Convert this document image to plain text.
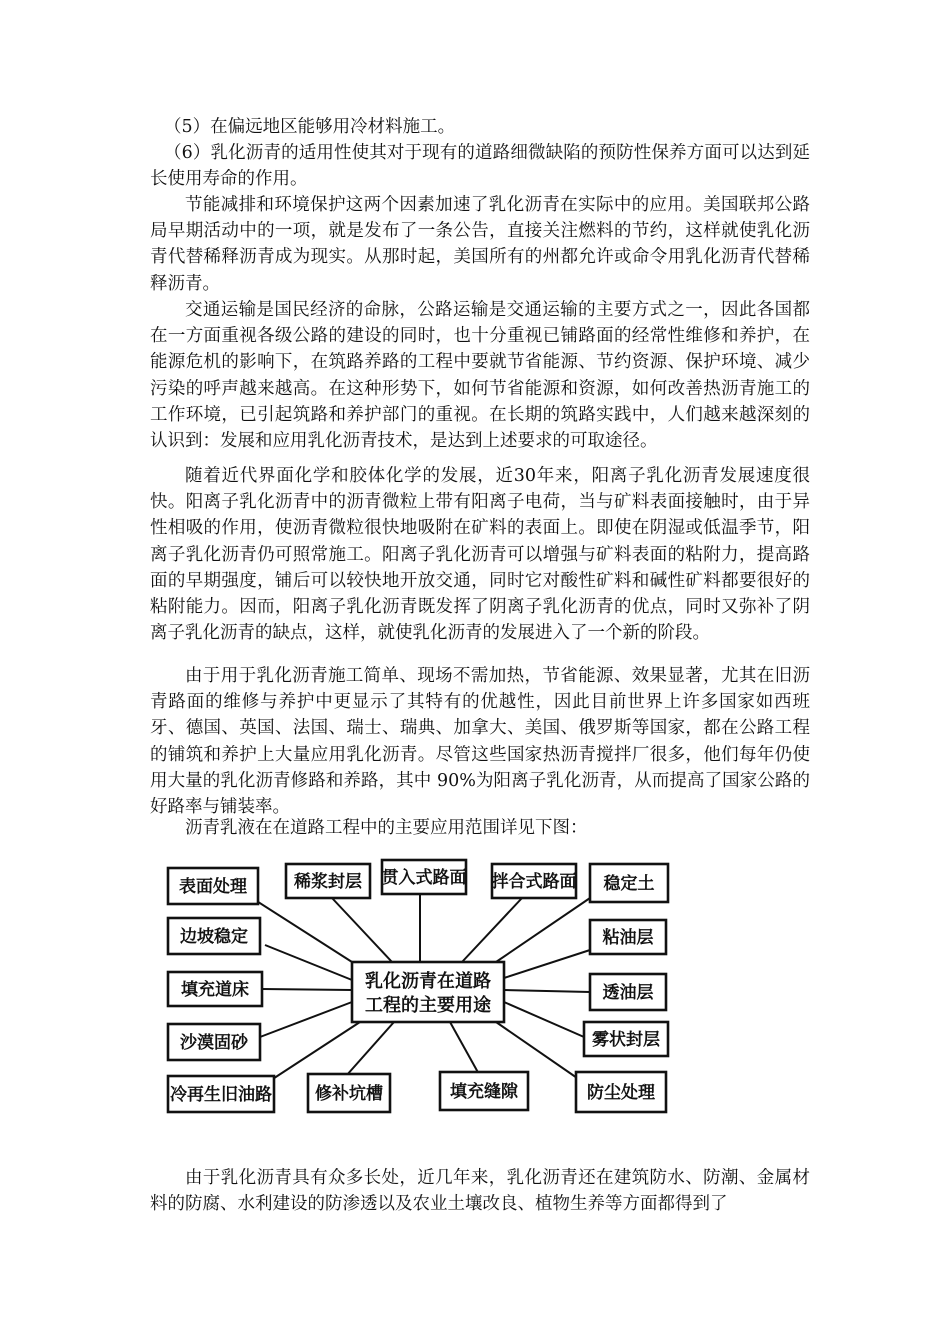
（5）在偏远地区能够用冷材料施工。

（6）乳化沥青的适用性使其对于现有的道路细微缺陷的预防性保养方面可以达到延长使用寿命的作用。

节能减排和环境保护这两个因素加速了乳化沥青在实际中的应用。美国联邦公路局早期活动中的一项，就是发布了一条公告，直接关注燃料的节约，这样就使乳化沥青代替稀释沥青成为现实。从那时起，美国所有的州都允许或命令用乳化沥青代替稀释沥青。

交通运输是国民经济的命脉，公路运输是交通运输的主要方式之一，因此各国都在一方面重视各级公路的建设的同时，也十分重视已铺路面的经常性维修和养护，在能源危机的影响下，在筑路养路的工程中要就节省能源、节约资源、保护环境、减少污染的呼声越来越高。在这种形势下，如何节省能源和资源，如何改善热沥青施工的工作环境，已引起筑路和养护部门的重视。在长期的筑路实践中，人们越来越深刻的认识到：发展和应用乳化沥青技术，是达到上述要求的可取途径。

随着近代界面化学和胶体化学的发展，近30年来，阳离子乳化沥青发展速度很快。阳离子乳化沥青中的沥青微粒上带有阳离子电荷，当与矿料表面接触时，由于异性相吸的作用，使沥青微粒很快地吸附在矿料的表面上。即使在阴湿或低温季节，阳离子乳化沥青仍可照常施工。阳离子乳化沥青可以增强与矿料表面的粘附力，提高路面的早期强度，铺后可以较快地开放交通，同时它对酸性矿料和碱性矿料都要很好的粘附能力。因而，阳离子乳化沥青既发挥了阴离子乳化沥青的优点，同时又弥补了阴离子乳化沥青的缺点，这样，就使乳化沥青的发展进入了一个新的阶段。

由于用于乳化沥青施工简单、现场不需加热，节省能源、效果显著，尤其在旧沥青路面的维修与养护中更显示了其特有的优越性，因此目前世界上许多国家如西班牙、德国、英国、法国、瑞士、瑞典、加拿大、美国、俄罗斯等国家，都在公路工程的铺筑和养护上大量应用乳化沥青。尽管这些国家热沥青搅拌厂很多，他们每年仍使用大量的乳化沥青修路和养路，其中 90%为阳离子乳化沥青，从而提高了国家公路的好路率与铺装率。

沥青乳液在在道路工程中的主要应用范围详见下图：

乳化沥青在道路
工程的主要用途
表面处理	稀浆封层 贯入式路面 拌合式路面 稳定土
边坡稳定	粘油层
填充道床	透油层
沙漠固砂	雾状封层
冷再生旧油路	修补坑槽	填充缝隙	防尘处理

由于乳化沥青具有众多长处，近几年来，乳化沥青还在建筑防水、防潮、金属材料的防腐、水利建设的防渗透以及农业土壤改良、植物生养等方面都得到了
